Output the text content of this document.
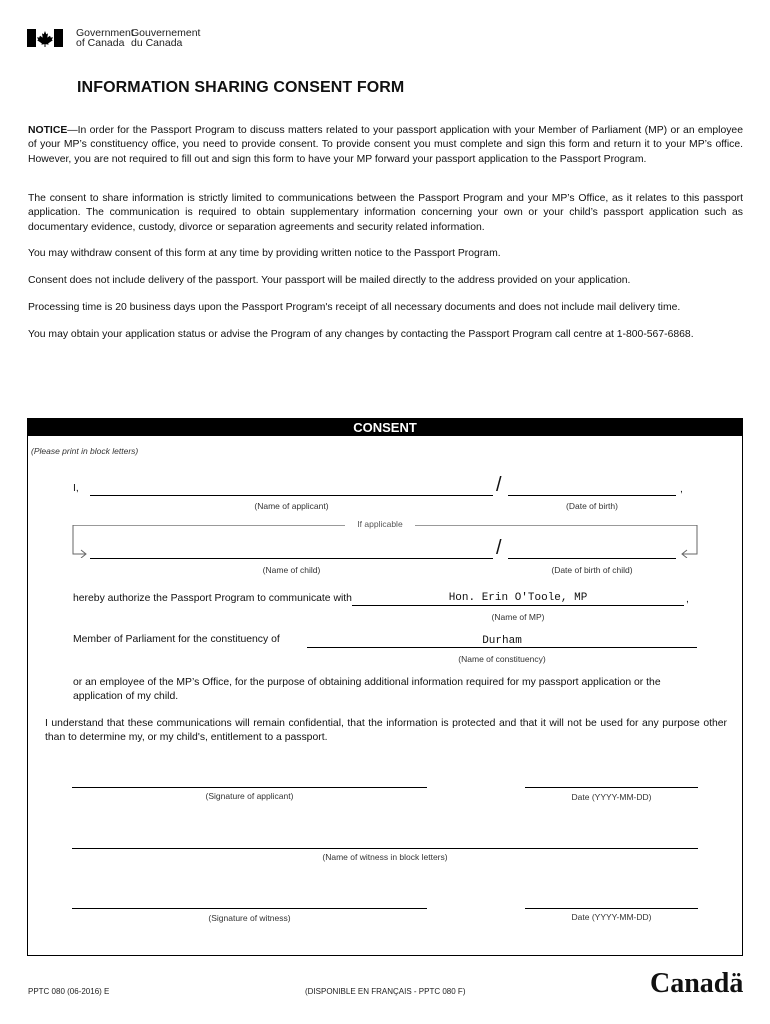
Government
of Canada
Gouvernement
du Canada
INFORMATION SHARING CONSENT FORM
NOTICE—In order for the Passport Program to discuss matters related to your passport application with your Member of Parliament (MP) or an employee of your MP’s constituency office, you need to provide consent. To provide consent you must complete and sign this form and return it to your MP’s office. However, you are not required to fill out and sign this form to have your MP forward your passport application to the Passport Program.
The consent to share information is strictly limited to communications between the Passport Program and your MP’s Office, as it relates to this passport application. The communication is required to obtain supplementary information concerning your own or your child’s passport application such as documentary evidence, custody, divorce or separation agreements and security related information.
You may withdraw consent of this form at any time by providing written notice to the Passport Program.
Consent does not include delivery of the passport. Your passport will be mailed directly to the address provided on your application.
Processing time is 20 business days upon the Passport Program's receipt of all necessary documents and does not include mail delivery time.
You may obtain your application status or advise the Program of any changes by contacting the Passport Program call centre at 1-800-567-6868.
CONSENT
(Please print in block letters)
I,	/	,
(Name of applicant)	(Date of birth)
If applicable
/
(Name of child)	(Date of birth of child)
hereby authorize the Passport Program to communicate with	Hon. Erin O'Toole, MP	,
(Name of MP)
Member of Parliament for the constituency of	Durham
(Name of constituency)
or an employee of the MP’s Office, for the purpose of obtaining additional information required for my passport application or the application of my child.
I understand that these communications will remain confidential, that the information is protected and that it will not be used for any purpose other than to determine my, or my child's, entitlement to a passport.
(Signature of applicant)	Date (YYYY-MM-DD)
(Name of witness in block letters)
(Signature of witness)	Date (YYYY-MM-DD)
PPTC 080 (06-2016) E	(DISPONIBLE EN FRANÇAIS - PPTC 080 F)	Canadä
